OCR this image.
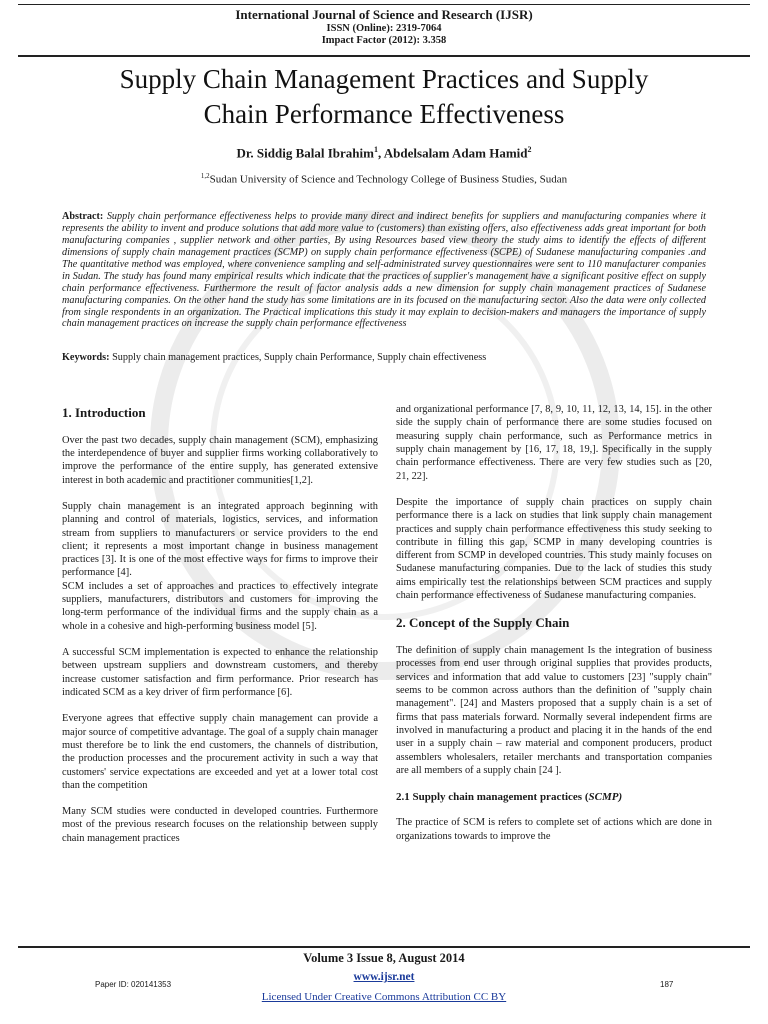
International Journal of Science and Research (IJSR)
ISSN (Online): 2319-7064
Impact Factor (2012): 3.358
Supply Chain Management Practices and Supply
Chain Performance Effectiveness
Dr. Siddig Balal Ibrahim$^1$, Abdelsalam Adam Hamid$^2$
$^{1,2}$Sudan University of Science and Technology College of Business Studies, Sudan
Abstract: Supply chain performance effectiveness helps to provide many direct and indirect benefits for suppliers and manufacturing companies where it represents the ability to invent and produce solutions that add more value to (customers) than existing offers, also effectiveness adds great important for both manufacturing companies , supplier network and other parties, By using Resources based view theory the study aims to identify the effects of different dimensions of supply chain management practices (SCMP) on supply chain performance effectiveness (SCPE) of Sudanese manufacturing companies .and The quantitative method was employed, where convenience sampling and self-administrated survey questionnaires were sent to 110 manufacturer companies in Sudan. The study has found many empirical results which indicate that the practices of supplier's management have a significant positive effect on supply chain performance effectiveness. Furthermore the result of factor analysis adds a new dimension for supply chain management practices of Sudanese manufacturing companies. On the other hand the study has some limitations are in its focused on the manufacturing sector. Also the data were only collected from single respondents in an organization. The Practical implications this study it may explain to decision-makers and managers the importance of supply chain management practices on increase the supply chain performance effectiveness
Keywords: Supply chain management practices, Supply chain Performance, Supply chain effectiveness
1. Introduction

Over the past two decades, supply chain management (SCM), emphasizing the interdependence of buyer and supplier firms working collaboratively to improve the performance of the entire supply, has generated extensive interest in both academic and practitioner communities[1,2].

Supply chain management is an integrated approach beginning with planning and control of materials, logistics, services, and information stream from suppliers to manufacturers or service providers to the end client; it represents a most important change in business management practices [3]. It is one of the most effective ways for firms to improve their performance [4].

SCM includes a set of approaches and practices to effectively integrate suppliers, manufacturers, distributors and customers for improving the long-term performance of the individual firms and the supply chain as a whole in a cohesive and high-performing business model [5].

A successful SCM implementation is expected to enhance the relationship between upstream suppliers and downstream customers, and thereby increase customer satisfaction and firm performance. Prior research has indicated SCM as a key driver of firm performance [6].

Everyone agrees that effective supply chain management can provide a major source of competitive advantage. The goal of a supply chain manager must therefore be to link the end customers, the channels of distribution, the production processes and the procurement activity in such a way that customers' service expectations are exceeded and yet at a lower total cost than the competition

Many SCM studies were conducted in developed countries. Furthermore most of the previous research focuses on the relationship between supply chain management practices

and organizational performance [7, 8, 9, 10, 11, 12, 13, 14, 15]. in the other side the supply chain of performance there are some studies focused on measuring supply chain performance, such as Performance metrics in supply chain management by [16, 17, 18, 19,]. Specifically in the supply chain performance effectiveness. There are very few studies such as [20, 21, 22].

Despite the importance of supply chain practices on supply chain performance there is a lack on studies that link supply chain management practices and supply chain performance effectiveness this study seeking to contribute in filling this gap, SCMP in many developing countries is different from SCMP in developed countries. This study mainly focuses on Sudanese manufacturing companies. Due to the lack of studies this study aims empirically test the relationships between SCM practices and supply chain performance effectiveness of Sudanese manufacturing companies.

2. Concept of the Supply Chain

The definition of supply chain management Is the integration of business processes from end user through original supplies that provides products, services and information that add value to customers [23] "supply chain" seems to be common across authors than the definition of "supply chain management". [24] and Masters proposed that a supply chain is a set of firms that pass materials forward. Normally several independent firms are involved in manufacturing a product and placing it in the hands of the end user in a supply chain – raw material and component producers, product assemblers wholesalers, retailer merchants and transportation companies are all members of a supply chain [24 ].

2.1 Supply chain management practices (SCMP)

The practice of SCM is refers to complete set of actions which are done in organizations towards to improve the

Volume 3 Issue 8, August 2014
www.ijsr.net
Licensed Under Creative Commons Attribution CC BY
Paper ID: 020141353	187
